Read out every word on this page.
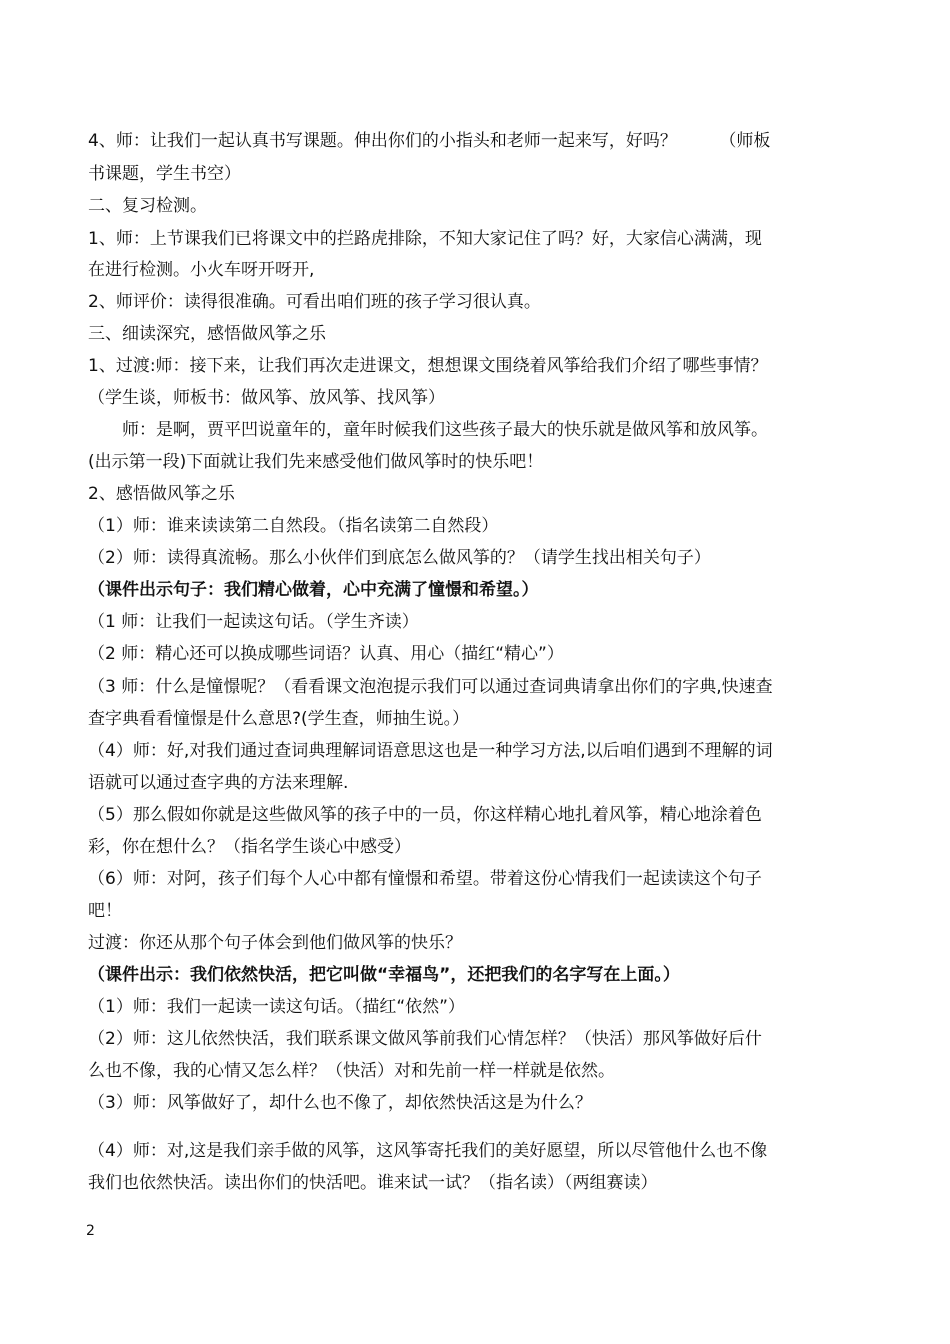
4、师：让我们一起认真书写课题。伸出你们的小指头和老师一起来写，好吗？　　　（师板
书课题，学生书空）
二、复习检测。
1、师：上节课我们已将课文中的拦路虎排除，不知大家记住了吗？好，大家信心满满，现
在进行检测。小火车呀开呀开,
2、师评价：读得很准确。可看出咱们班的孩子学习很认真。
三、细读深究，感悟做风筝之乐
1、过渡:师：接下来，让我们再次走进课文，想想课文围绕着风筝给我们介绍了哪些事情？
（学生谈，师板书：做风筝、放风筝、找风筝）
　　师：是啊，贾平凹说童年的，童年时候我们这些孩子最大的快乐就是做风筝和放风筝。
(出示第一段)下面就让我们先来感受他们做风筝时的快乐吧！
2、感悟做风筝之乐
（1）师：谁来读读第二自然段。（指名读第二自然段）
（2）师：读得真流畅。那么小伙伴们到底怎么做风筝的？（请学生找出相关句子）
（课件出示句子：我们精心做着，心中充满了憧憬和希望。）
（1 师：让我们一起读这句话。（学生齐读）
（2 师：精心还可以换成哪些词语？认真、用心（描红“精心”）
（3 师：什么是憧憬呢？（看看课文泡泡提示我们可以通过查词典请拿出你们的字典,快速查
查字典看看憧憬是什么意思?(学生查，师抽生说。）
（4）师：好,对我们通过查词典理解词语意思这也是一种学习方法,以后咱们遇到不理解的词
语就可以通过查字典的方法来理解.
（5）那么假如你就是这些做风筝的孩子中的一员，你这样精心地扎着风筝，精心地涂着色
彩，你在想什么？（指名学生谈心中感受）
（6）师：对阿，孩子们每个人心中都有憧憬和希望。带着这份心情我们一起读读这个句子
吧！
过渡：你还从那个句子体会到他们做风筝的快乐？
（课件出示：我们依然快活，把它叫做“幸福鸟”，还把我们的名字写在上面。）
（1）师：我们一起读一读这句话。（描红“依然”）
（2）师：这儿依然快活，我们联系课文做风筝前我们心情怎样？（快活）那风筝做好后什
么也不像，我的心情又怎么样？（快活）对和先前一样一样就是依然。
（3）师：风筝做好了，却什么也不像了，却依然快活这是为什么？
（4）师：对,这是我们亲手做的风筝，这风筝寄托我们的美好愿望，所以尽管他什么也不像
我们也依然快活。读出你们的快活吧。谁来试一试？（指名读）（两组赛读）
2
